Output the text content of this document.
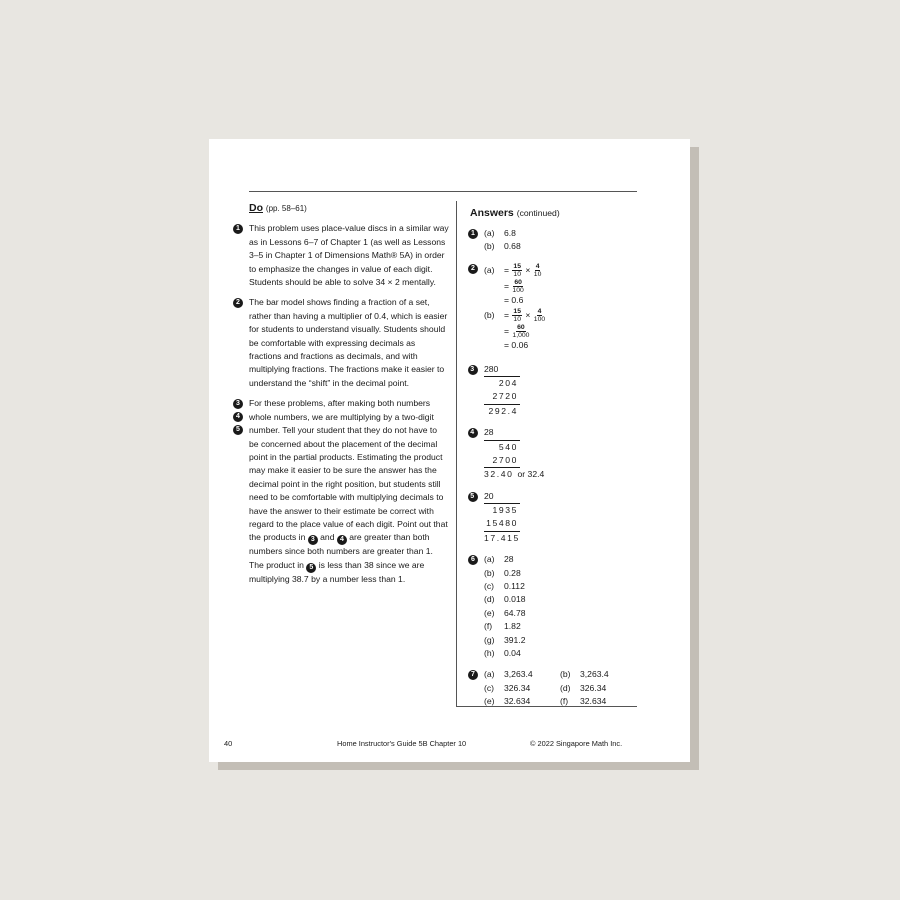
Do (pp. 58–61)
1	This problem uses place-value discs in a similar way as in Lessons 6–7 of Chapter 1 (as well as Lessons 3–5 in Chapter 1 of Dimensions Math® 5A) in order to emphasize the changes in value of each digit. Students should be able to solve 34 × 2 mentally.
2	The bar model shows finding a fraction of a set, rather than having a multiplier of 0.4, which is easier for students to understand visually. Students should be comfortable with expressing decimals as fractions and fractions as decimals, and with multiplying fractions. The fractions make it easier to understand the “shift” in the decimal point.
3
4
5
For these problems, after making both numbers whole numbers, we are multiplying by a two-digit number. Tell your student that they do not have to be concerned about the placement of the decimal point in the partial products. Estimating the product may make it easier to be sure the answer has the decimal point in the right position, but students still need to be comfortable with multiplying decimals to have the answer to their estimate be correct with regard to the place value of each digit. Point out that the products in 3 and 4 are greater than both numbers since both numbers are greater than 1. The product in 5 is less than 38 since we are multiplying 38.7 by a number less than 1.
Answers (continued)
1	(a) 6.8
(b) 0.68
2	$(a) = \frac{15}{10} \times \frac{4}{10}$
= $\frac{60}{100}$
= 0.6
$(b) = \frac{15}{10} \times \frac{4}{100}$
= $\frac{60}{1,000}$
= 0.06
3 280
204
2720
292.4
4 28
540
2700
32.40 or 32.4
5 20
1935
15480
17.415
6	(a) 28
(b) 0.28
(c) 0.112
(d) 0.018
(e) 64.78
(f) 1.82
(g) 391.2
(h) 0.04
7	(a) 3,263.4	(b) 3,263.4
(c) 326.34	(d) 326.34
(e) 32.634	(f) 32.634
40	Home Instructor's Guide 5B Chapter 10	© 2022 Singapore Math Inc.
